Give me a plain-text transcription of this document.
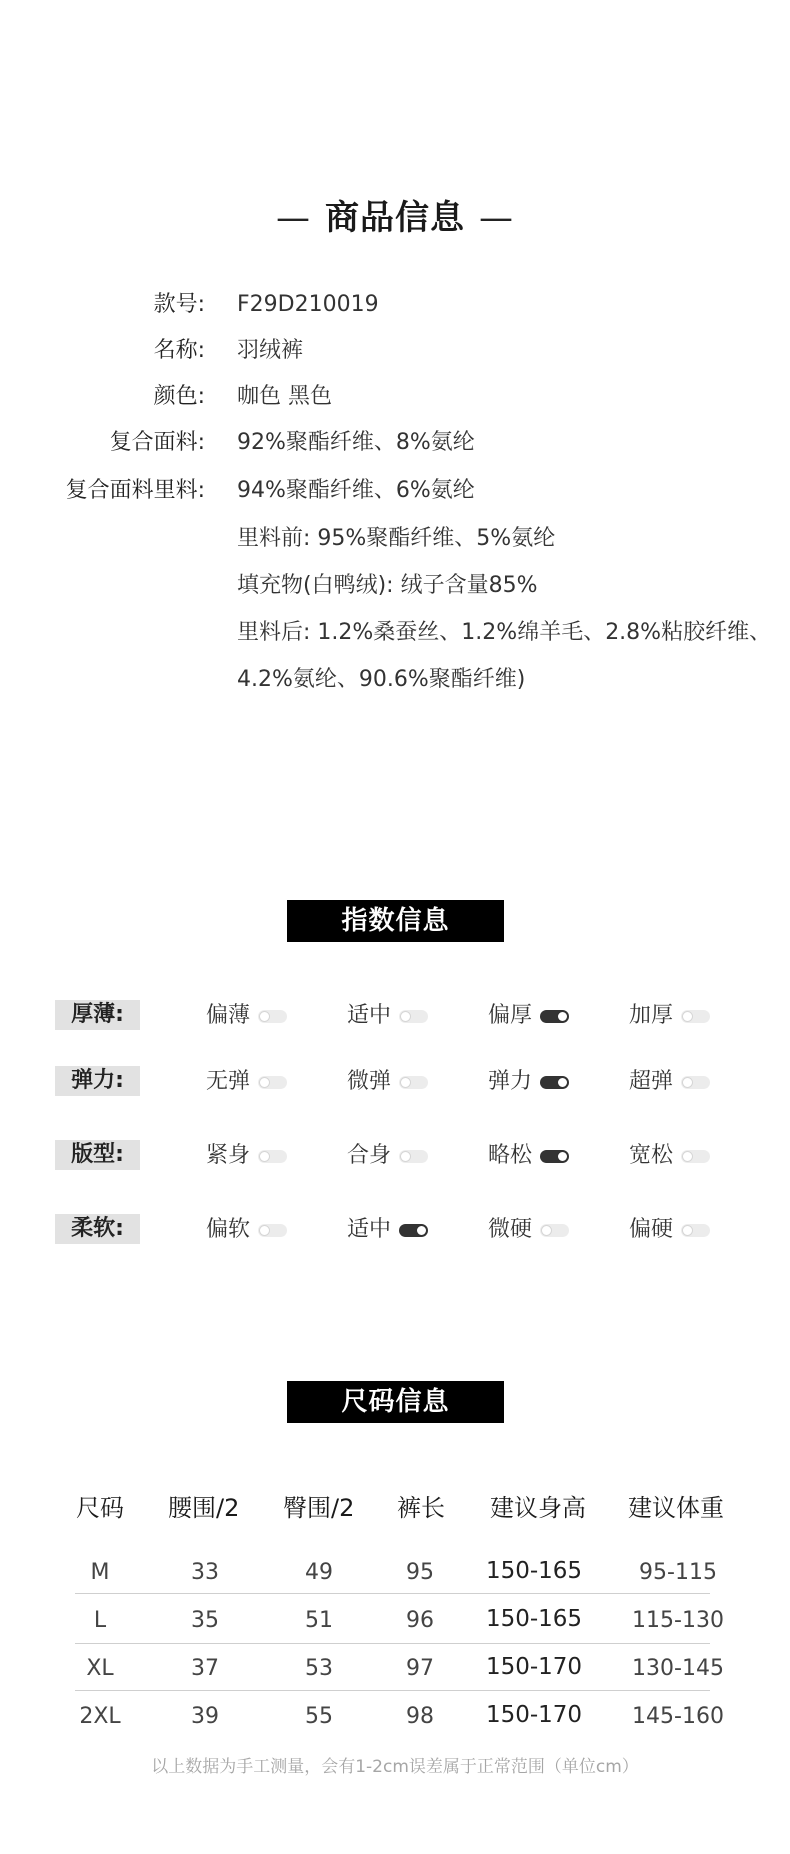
— 商品信息 —
款号: F29D210019
名称: 羽绒裤
颜色: 咖色 黑色
复合面料: 92%聚酯纤维、8%氨纶
复合面料里料: 94%聚酯纤维、6%氨纶
里料前: 95%聚酯纤维、5%氨纶
填充物(白鸭绒): 绒子含量85%
里料后: 1.2%桑蚕丝、1.2%绵羊毛、2.8%粘胶纤维、
4.2%氨纶、90.6%聚酯纤维)
指数信息
厚薄:	偏薄	适中	偏厚	加厚
弹力:	无弹	微弹	弹力	超弹
版型:	紧身	合身	略松	宽松
柔软:	偏软	适中	微硬	偏硬
尺码信息
尺码 腰围/2 臀围/2 裤长 建议身高 建议体重
M	33	49	95	150-165	95-115
L	35	51	96	150-165	115-130
XL	37	53	97	150-170	130-145
2XL	39	55	98	150-170	145-160
以上数据为手工测量，会有1-2cm误差属于正常范围（单位cm）
